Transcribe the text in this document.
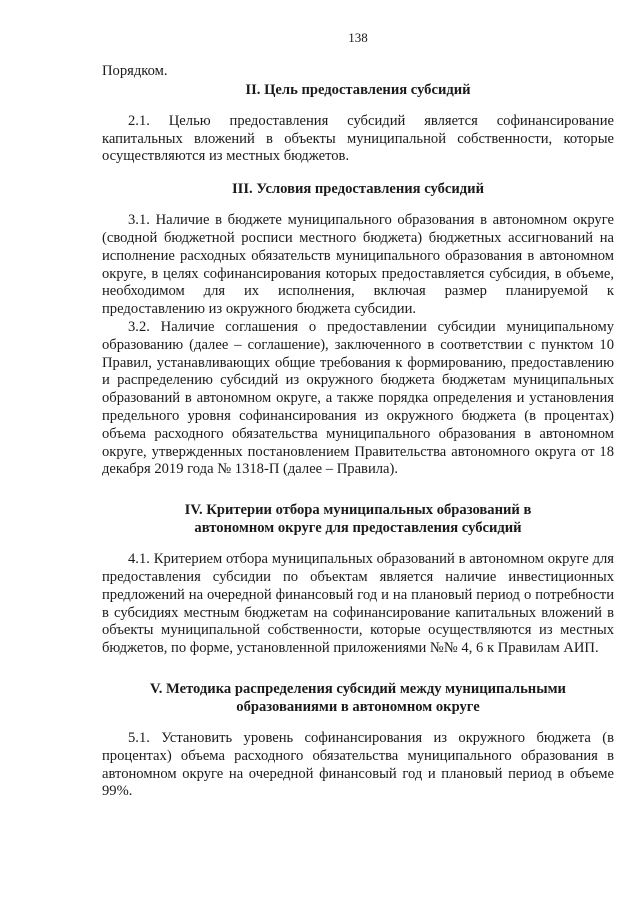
138

Порядком.

II. Цель предоставления субсидий

2.1. Целью предоставления субсидий является софинансирование капитальных вложений в объекты муниципальной собственности, которые осуществляются из местных бюджетов.

III. Условия предоставления субсидий

3.1. Наличие в бюджете муниципального образования в автономном округе (сводной бюджетной росписи местного бюджета) бюджетных ассигнований на исполнение расходных обязательств муниципального образования в автономном округе, в целях софинансирования которых предоставляется субсидия, в объеме, необходимом для их исполнения, включая размер планируемой к предоставлению из окружного бюджета субсидии.

3.2. Наличие соглашения о предоставлении субсидии муниципальному образованию (далее – соглашение), заключенного в соответствии с пунктом 10 Правил, устанавливающих общие требования к формированию, предоставлению и распределению субсидий из окружного бюджета бюджетам муниципальных образований в автономном округе, а также порядка определения и установления предельного уровня софинансирования из окружного бюджета (в процентах) объема расходного обязательства муниципального образования в автономном округе, утвержденных постановлением Правительства автономного округа от 18 декабря 2019 года № 1318-П (далее – Правила).

IV. Критерии отбора муниципальных образований в
автономном округе для предоставления субсидий

4.1. Критерием отбора муниципальных образований в автономном округе для предоставления субсидии по объектам является наличие инвестиционных предложений на очередной финансовый год и на плановый период о потребности в субсидиях местным бюджетам на софинансирование капитальных вложений в объекты муниципальной собственности, которые осуществляются из местных бюджетов, по форме, установленной приложениями №№ 4, 6 к Правилам АИП.

V. Методика распределения субсидий между муниципальными
образованиями в автономном округе

5.1. Установить уровень софинансирования из окружного бюджета (в процентах) объема расходного обязательства муниципального образования в автономном округе на очередной финансовый год и плановый период в объеме 99%.
